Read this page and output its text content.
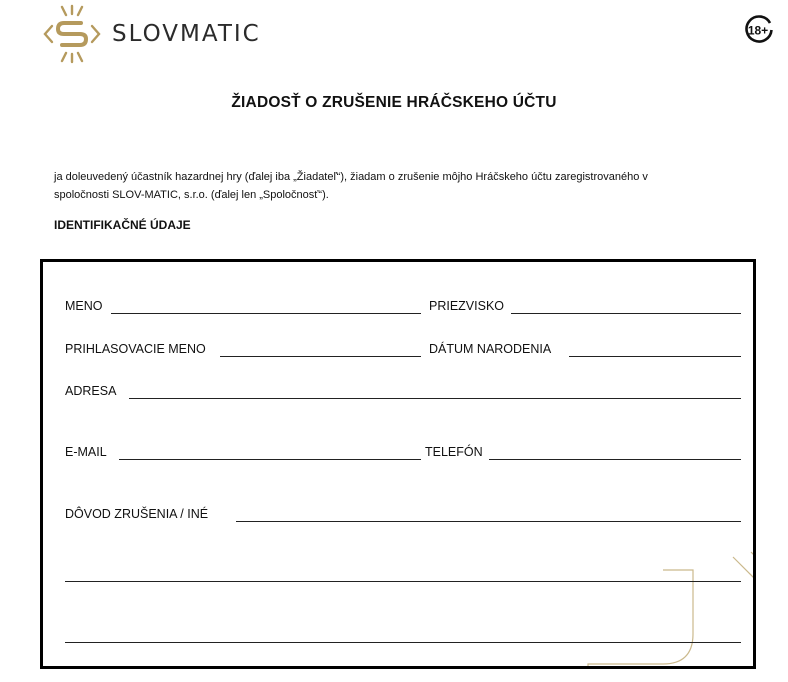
SLOVMATIC	18+
ŽIADOSŤ O ZRUŠENIE HRÁČSKEHO ÚČTU
ja doleuvedený účastník hazardnej hry (ďalej iba „Žiadateľ“), žiadam o zrušenie môjho Hráčskeho účtu zaregistrovaného v
spoločnosti SLOV-MATIC, s.r.o. (ďalej len „Spoločnosť“).
IDENTIFIKAČNÉ ÚDAJE
MENO	PRIEZVISKO
PRIHLASOVACIE MENO	DÁTUM NARODENIA
ADRESA
E-MAIL	TELEFÓN
DÔVOD ZRUŠENIA / INÉ
